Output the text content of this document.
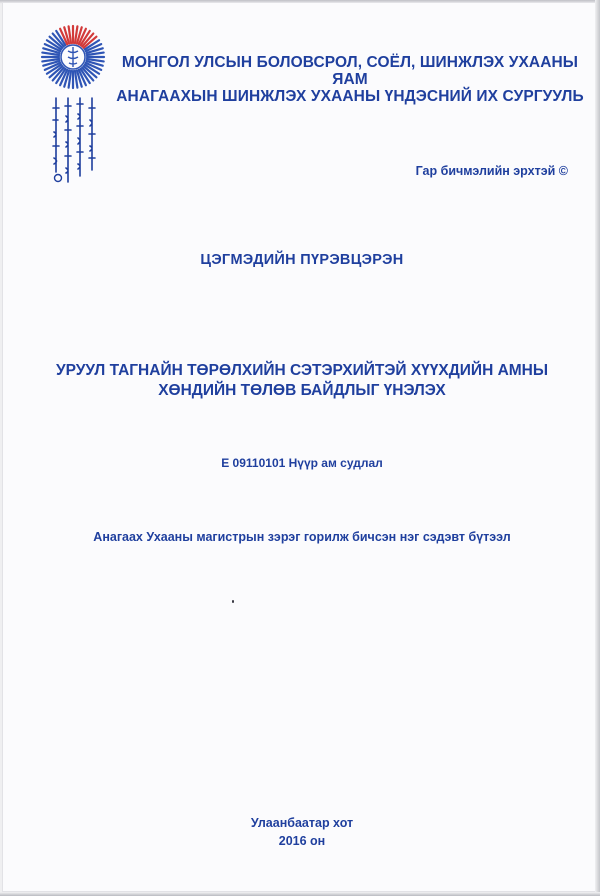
МОНГОЛ УЛСЫН БОЛОВСРОЛ, СОЁЛ, ШИНЖЛЭХ УХААНЫ ЯАМ
АНАГААХЫН ШИНЖЛЭХ УХААНЫ ҮНДЭСНИЙ ИХ СУРГУУЛЬ
Гар бичмэлийн эрхтэй ©
ЦЭГМЭДИЙН ПҮРЭВЦЭРЭН
УРУУЛ ТАГНАЙН ТӨРӨЛХИЙН СЭТЭРХИЙТЭЙ ХҮҮХДИЙН АМНЫ
ХӨНДИЙН ТӨЛӨВ БАЙДЛЫГ ҮНЭЛЭХ
Е 09110101 Нүүр ам судлал
Анагаах Ухааны магистрын зэрэг горилж бичсэн нэг сэдэвт бүтээл
Улаанбаатар хот
2016 он
